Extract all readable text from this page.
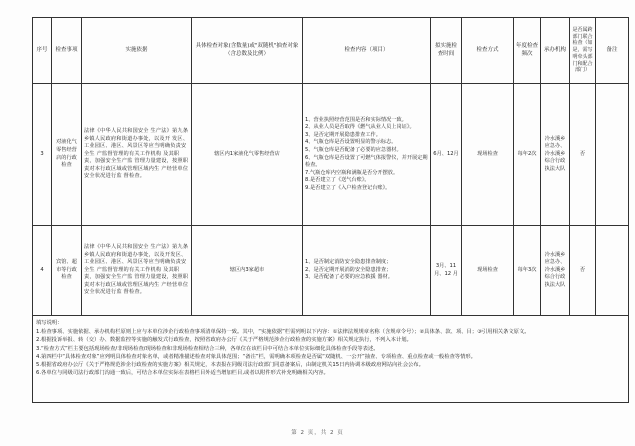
序号	检查事项	实施依据	具体检查对象(含数量)或"双随机"抽查对象（含总数及比例）	检查内容（项目）	拟实施检查时间	检查方式	年度检查频次	承办机构	是否属跨部门联合检查（如是，需写明牵头部门和配合部门）	备注
3	对液化气零售经营店的行政检查	法律《中华人民共和国安全 生产法》第九条乡镇人民政府和街道办事处，以及开 发区、工业园区、港区、风景区等应当明确负责安全生 产监督管理的有关工作机构 及其职责，加强安全生产监 管理力量建设，按照职责对本行政区域或管理区域内生 产经营单位安全状况进行监 督检查。	辖区内1家液化气零售经营店	
1、营业执照经营范围是否和实际情况一致。
2、从业人员是否取得《燃气从业人员上岗证》。
3、是否定期开展隐患排查工作。
4、气瓶仓库是否设置明显的警示标志。
5、气瓶仓库是否配备了必要的应急器材。
6、气瓶仓库是否设置了可燃气体报警仪，并开展定期检查。
7.气瓶仓库内空瓶和满瓶是否分开摆放。
8.是否建立了《送气台账》。
9.是否建立了《入户检查登记台账》。
	6月、12月	现场检查	每年2次	冷水溪乡应急办、冷水溪乡综合行政执法大队	否	
4	宾馆、超市等行政检查	法律《中华人民共和国安全 生产法》第九条乡镇人民政府和街道办事处，以及开发区、工业园区、港区、风景区等应当明确负责安全生 产监督管理的有关工作机构 及其职责，加强安全生产监 管理力量建设，按照职责对本行政区域或管理区域内生 产经营单位安全状况进行监 督检查。	辖区内3家超市	1、是否制定消防安全隐患排查制度；
2、是否定期开展消防安全隐患排查；
3、是否配备了必要的应急救援 器材。	3月、11月、12 月	现场检查	每年3次	冷水溪乡应急办、冷水溪乡综合行政执法大队	否	

填写说明：
1.检查事项、实施依据、承办机构栏原则上应与本单位涉企行政检查事项清单保持一致。其中，“实施依据”栏需列明以下内容：①法律法规规章名称（含规章令号）；②具体条、款、项、目；③引用相关条文原文。
2.根据投诉举报、转（交）办、数据监控等实施的触发式行政检查，按照省政府办公厅《关于严格规范涉企行政检查的实施方案》相关规定执行，不列入本计划。
3.“检查方式”栏主要包括现场检查/非现场检查/现场检查和非现场检查相结合三种，各单位在该栏目中可结合本单位实际细化具体检查手段等表述。
4.第四栏中“具体检查对象”应列明具体检查对象名单，或者精准描述检查对象具体范围；“备注”栏，需明确本项检查是否属“双随机、一公开”抽查、专项检查、重点检查或一般检查等情形。
5.根据省政府办公厅《关于严格规范涉企行政检查的实施方案》相关规定，本表报在同级司法行政部门同意备案后，由制定机关15日内协调本级政府网站向社会公布。
6.各单位与同级司法行政部门沟通一致后，可结合本单位实际在表格栏目外适当增加栏目,或者以附件形式补充明确相关内容。
第 2 页，共 2 页
